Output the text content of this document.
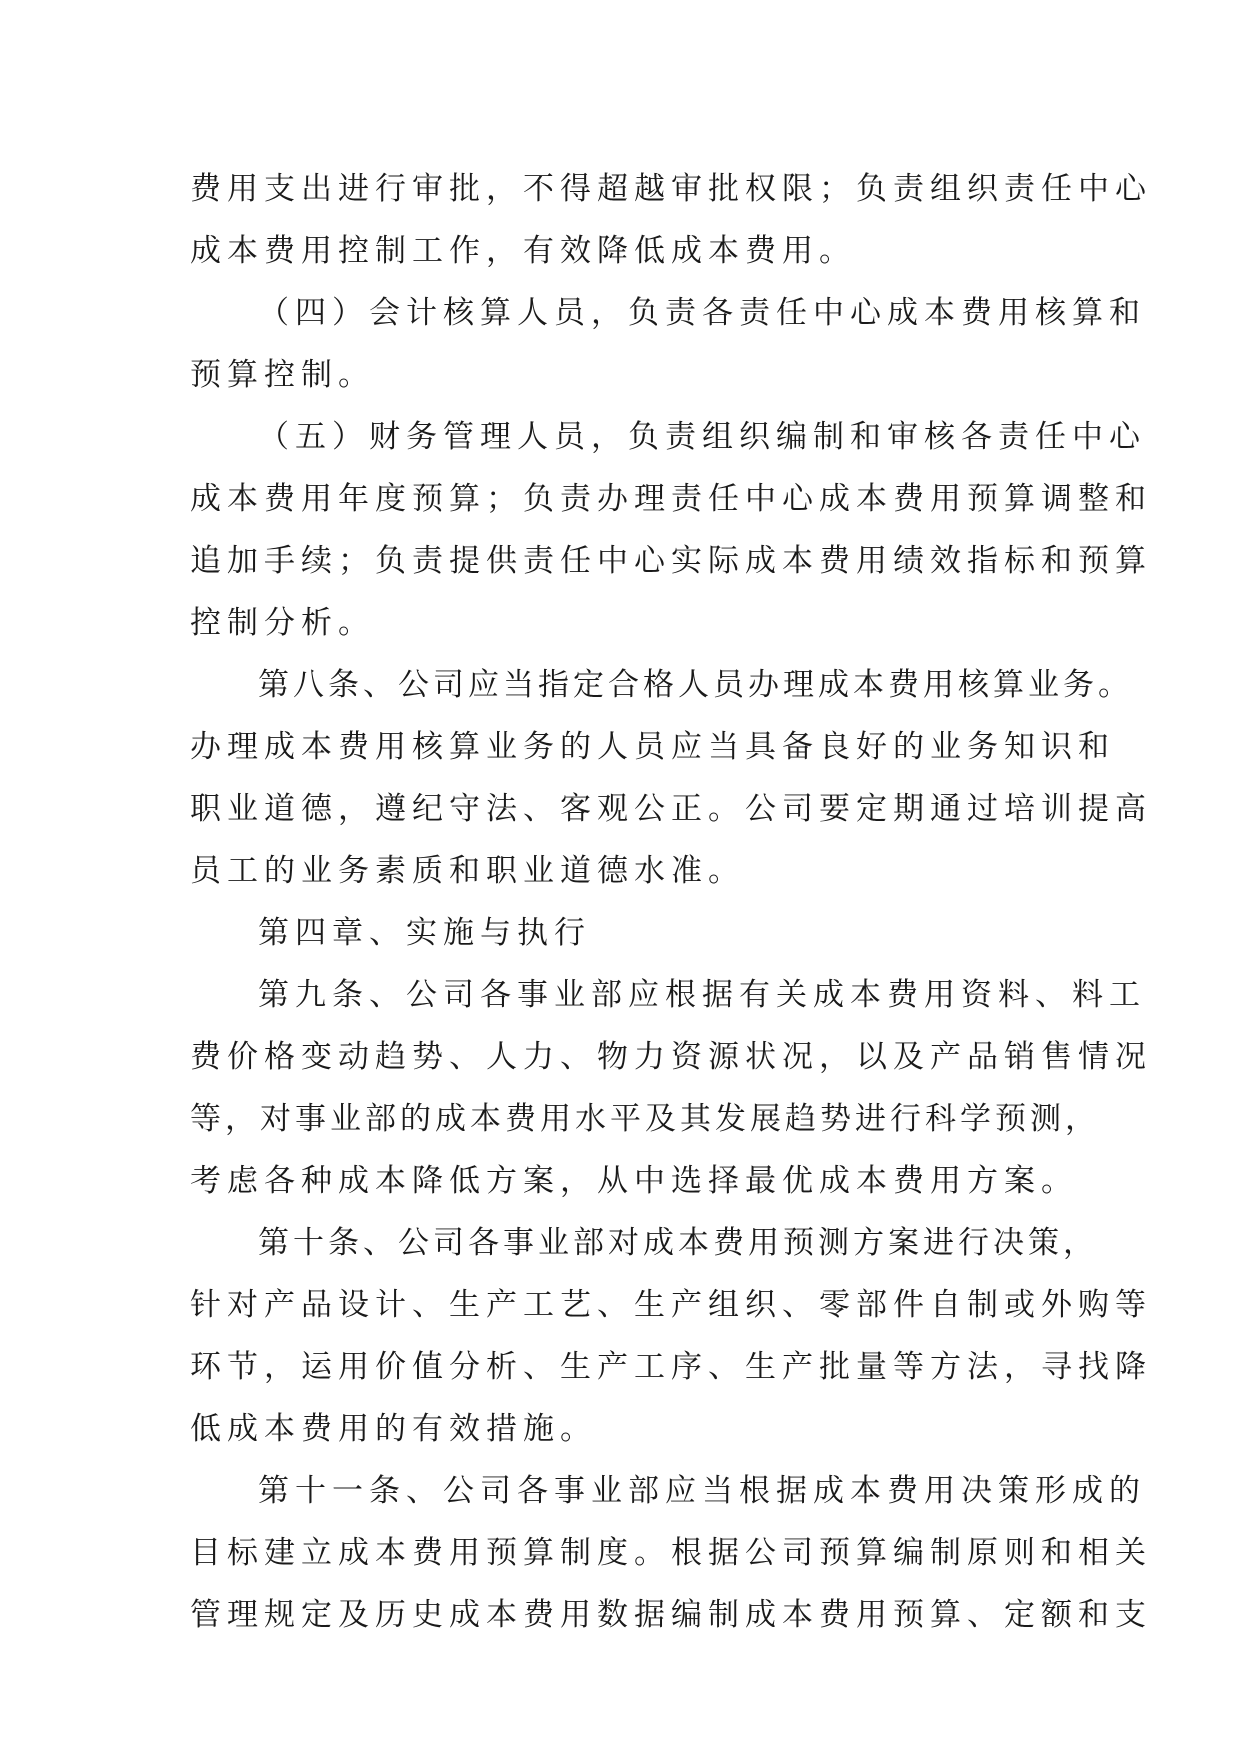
费用支出进行审批，不得超越审批权限；负责组织责任中心
成本费用控制工作，有效降低成本费用。
（四）会计核算人员，负责各责任中心成本费用核算和
预算控制。
（五）财务管理人员，负责组织编制和审核各责任中心
成本费用年度预算；负责办理责任中心成本费用预算调整和
追加手续；负责提供责任中心实际成本费用绩效指标和预算
控制分析。
第八条、公司应当指定合格人员办理成本费用核算业务。
办理成本费用核算业务的人员应当具备良好的业务知识和
职业道德，遵纪守法、客观公正。公司要定期通过培训提高
员工的业务素质和职业道德水准。
第四章、实施与执行
第九条、公司各事业部应根据有关成本费用资料、料工
费价格变动趋势、人力、物力资源状况，以及产品销售情况
等，对事业部的成本费用水平及其发展趋势进行科学预测，
考虑各种成本降低方案，从中选择最优成本费用方案。
第十条、公司各事业部对成本费用预测方案进行决策，
针对产品设计、生产工艺、生产组织、零部件自制或外购等
环节，运用价值分析、生产工序、生产批量等方法，寻找降
低成本费用的有效措施。
第十一条、公司各事业部应当根据成本费用决策形成的
目标建立成本费用预算制度。根据公司预算编制原则和相关
管理规定及历史成本费用数据编制成本费用预算、定额和支
